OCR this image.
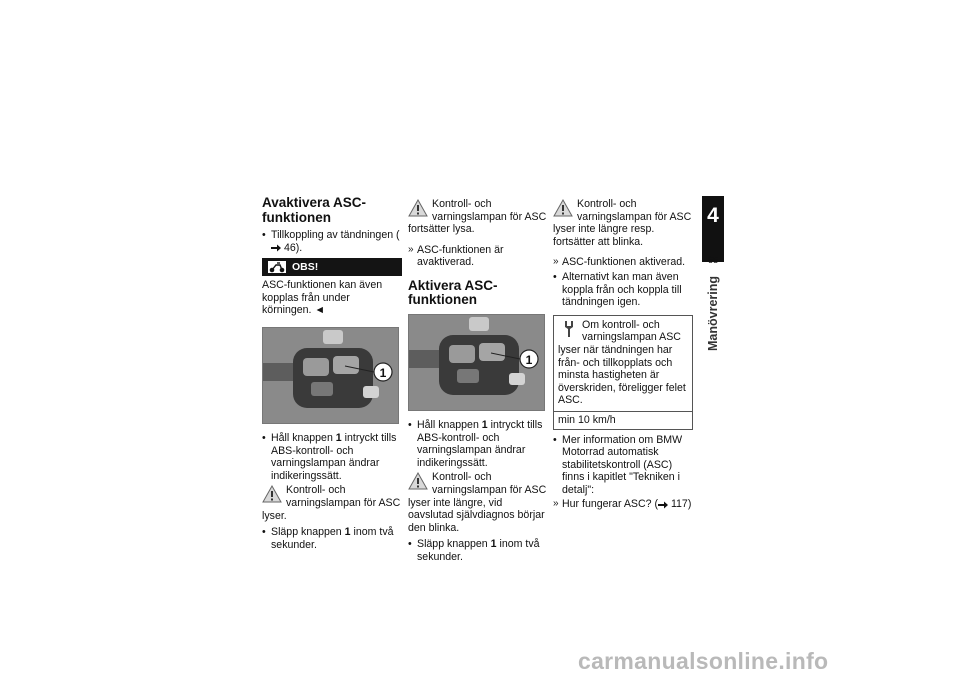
Avaktivera ASC-funktionen
• Tillkoppling av tändningen ( 46).
OBS!
ASC-funktionen kan även kopplas från under körningen. ◄
1
• Håll knappen 1 intryckt tills ABS-kontroll- och varningslampan ändrar indikeringssätt.
Kontroll- och varningslampan för ASC lyser.
• Släpp knappen 1 inom två sekunder.
Kontroll- och varningslampan för ASC fortsätter lysa.
» ASC-funktionen är avaktiverad.
Aktivera ASC-funktionen
1
• Håll knappen 1 intryckt tills ABS-kontroll- och varningslampan ändrar indikeringssätt.
Kontroll- och varningslampan för ASC lyser inte längre, vid oavslutad självdiagnos börjar den blinka.
• Släpp knappen 1 inom två sekunder.
Kontroll- och varningslampan för ASC lyser inte längre resp. fortsätter att blinka.
» ASC-funktionen aktiverad.
• Alternativt kan man även koppla från och koppla till tändningen igen.
Om kontroll- och varningslampan ASC lyser när tändningen har från- och tillkopplats och minsta hastigheten är överskriden, föreligger felet ASC.
min 10 km/h
• Mer information om BMW Motorrad automatisk stabilitetskontroll (ASC) finns i kapitlet "Tekniken i detalj":
» Hur fungerar ASC? ( 117)
4
65
Manövrering
carmanualsonline.info
